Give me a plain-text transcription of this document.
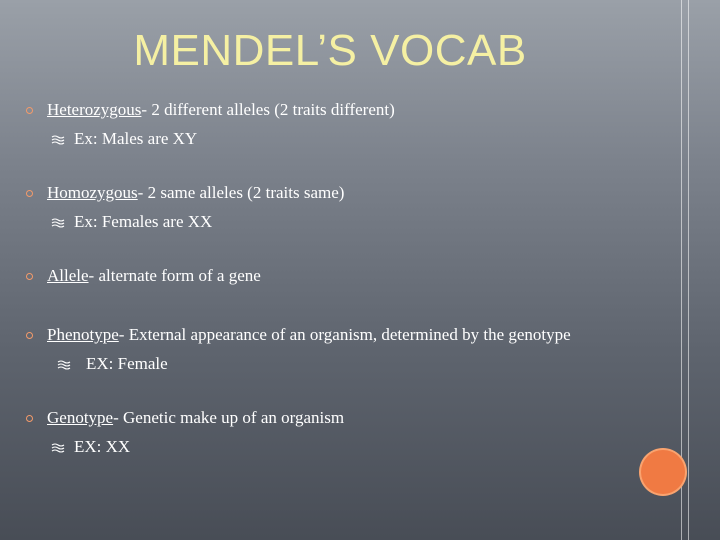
MENDEL’S VOCAB
Heterozygous- 2 different alleles (2 traits different)
Ex: Males are XY
Homozygous- 2 same alleles (2 traits same)
Ex: Females are XX
Allele- alternate form of a gene
Phenotype- External appearance of an organism, determined by the genotype
EX: Female
Genotype- Genetic make up of an organism
EX: XX
